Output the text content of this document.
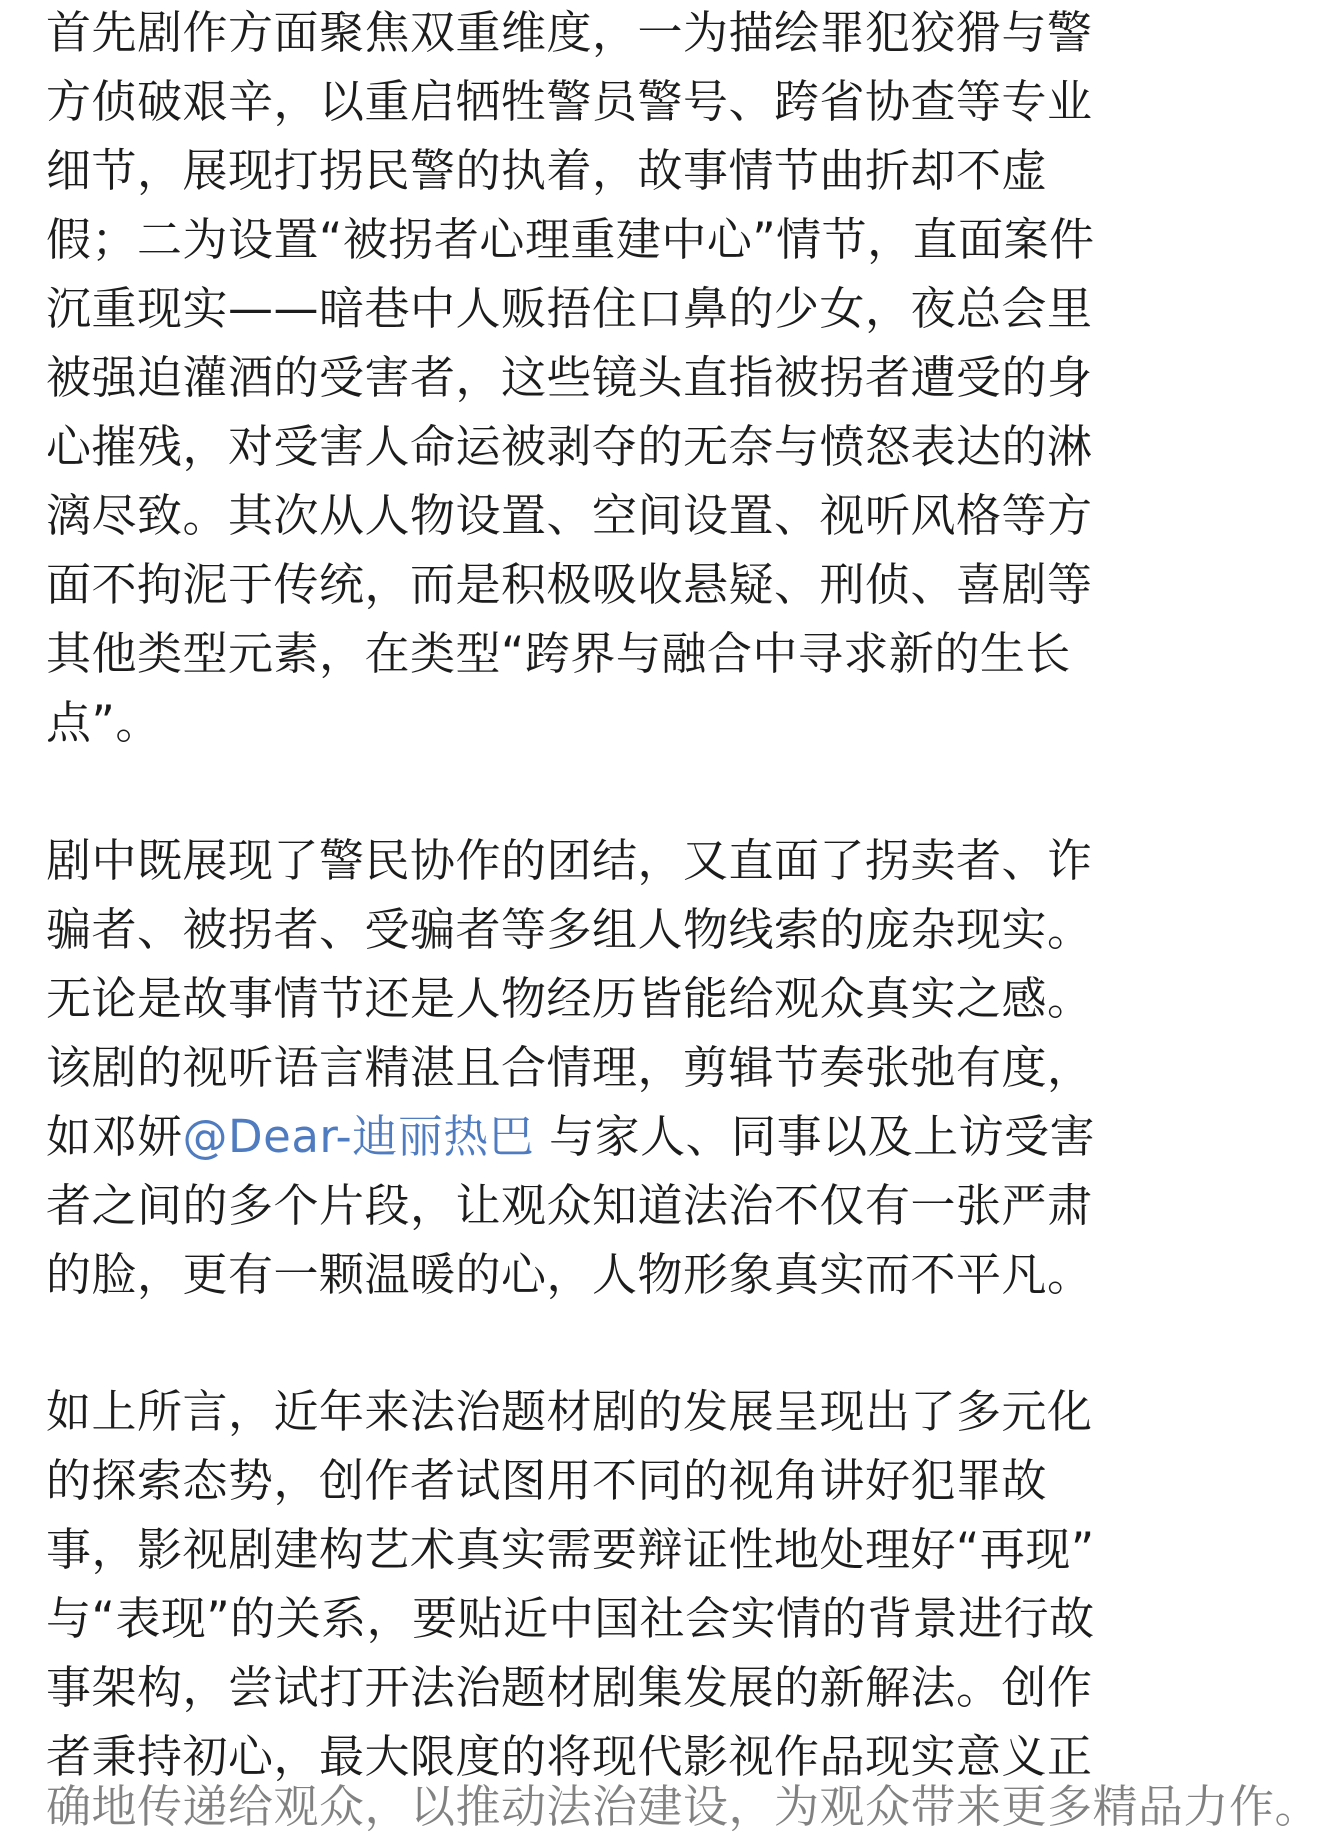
首先剧作方面聚焦双重维度，一为描绘罪犯狡猾与警
方侦破艰辛，以重启牺牲警员警号、跨省协查等专业
细节，展现打拐民警的执着，故事情节曲折却不虚
假；二为设置“被拐者心理重建中心”情节，直面案件
沉重现实——暗巷中人贩捂住口鼻的少女，夜总会里
被强迫灌酒的受害者，这些镜头直指被拐者遭受的身
心摧残，对受害人命运被剥夺的无奈与愤怒表达的淋
漓尽致。其次从人物设置、空间设置、视听风格等方
面不拘泥于传统，而是积极吸收悬疑、刑侦、喜剧等
其他类型元素，在类型“跨界与融合中寻求新的生长
点”。
剧中既展现了警民协作的团结，又直面了拐卖者、诈
骗者、被拐者、受骗者等多组人物线索的庞杂现实。
无论是故事情节还是人物经历皆能给观众真实之感。
该剧的视听语言精湛且合情理，剪辑节奏张弛有度，
如邓妍@Dear-迪丽热巴 与家人、同事以及上访受害
者之间的多个片段，让观众知道法治不仅有一张严肃
的脸，更有一颗温暖的心，人物形象真实而不平凡。
如上所言，近年来法治题材剧的发展呈现出了多元化
的探索态势，创作者试图用不同的视角讲好犯罪故
事，影视剧建构艺术真实需要辩证性地处理好“再现”
与“表现”的关系，要贴近中国社会实情的背景进行故
事架构，尝试打开法治题材剧集发展的新解法。创作
者秉持初心，最大限度的将现代影视作品现实意义正
确地传递给观众，以推动法治建设，为观众带来更多精品力作。
